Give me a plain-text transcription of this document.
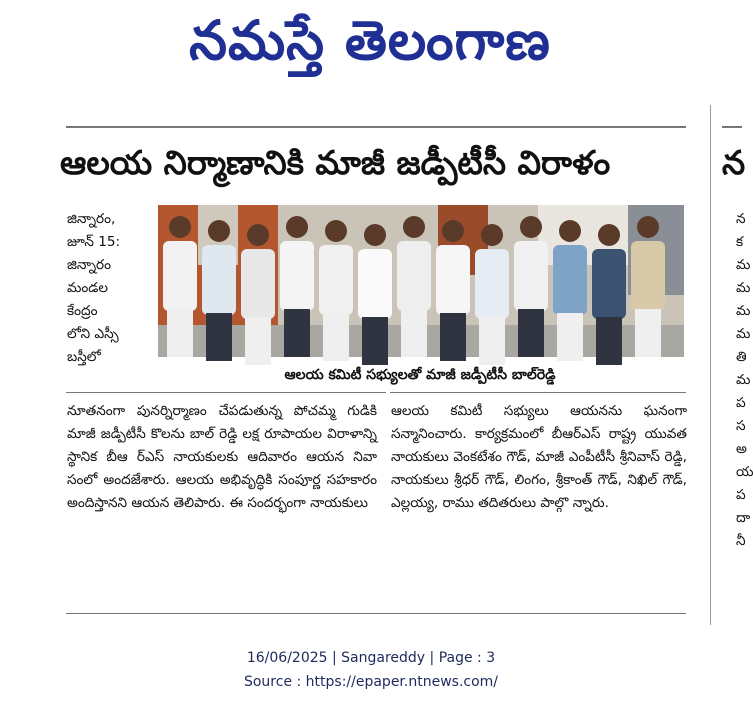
నమస్తే తెలంగాణ
ఆలయ నిర్మాణానికి మాజీ జడ్పీటీసీ విరాళం	న
జిన్నారం,
జూన్ 15:
జిన్నారం
మండల
కేంద్రం
లోని ఎస్సీ
బస్తీలో
ఆలయ కమిటీ సభ్యులతో మాజీ జడ్పీటీసీ బాల్‌రెడ్డి
నూతనంగా పునర్నిర్మాణం చేపడుతున్న పోచమ్మ గుడికి మాజీ జడ్పీటీసీ కొలను బాల్ రెడ్డి లక్ష రూపాయల విరాళాన్ని స్థానిక బీఆ ర్‌ఎస్ నాయకులకు ఆదివారం ఆయన నివా సంలో అందజేశారు. ఆలయ అభివృద్ధికి సంపూర్ణ సహకారం అందిస్తానని ఆయన తెలిపారు. ఈ సందర్భంగా నాయకులు
ఆలయ కమిటీ సభ్యులు ఆయనను ఘనంగా సన్మానించారు. కార్యక్రమంలో బీఆర్‌ఎస్ రాష్ట్ర యువత నాయకులు వెంకటేశం గౌడ్, మాజీ ఎంపీటీసీ శ్రీనివాస్ రెడ్డి, నాయకులు శ్రీధర్ గౌడ్, లింగం, శ్రీకాంత్ గౌడ్, నిఖిల్ గౌడ్, ఎల్లయ్య, రాము తదితరులు పాల్గొ న్నారు.
న
క
మ
మ
మ
మ
తి
మ
ప
స
అ
య
ప
దా
నీ
16/06/2025 | Sangareddy | Page : 3
Source : https://epaper.ntnews.com/
